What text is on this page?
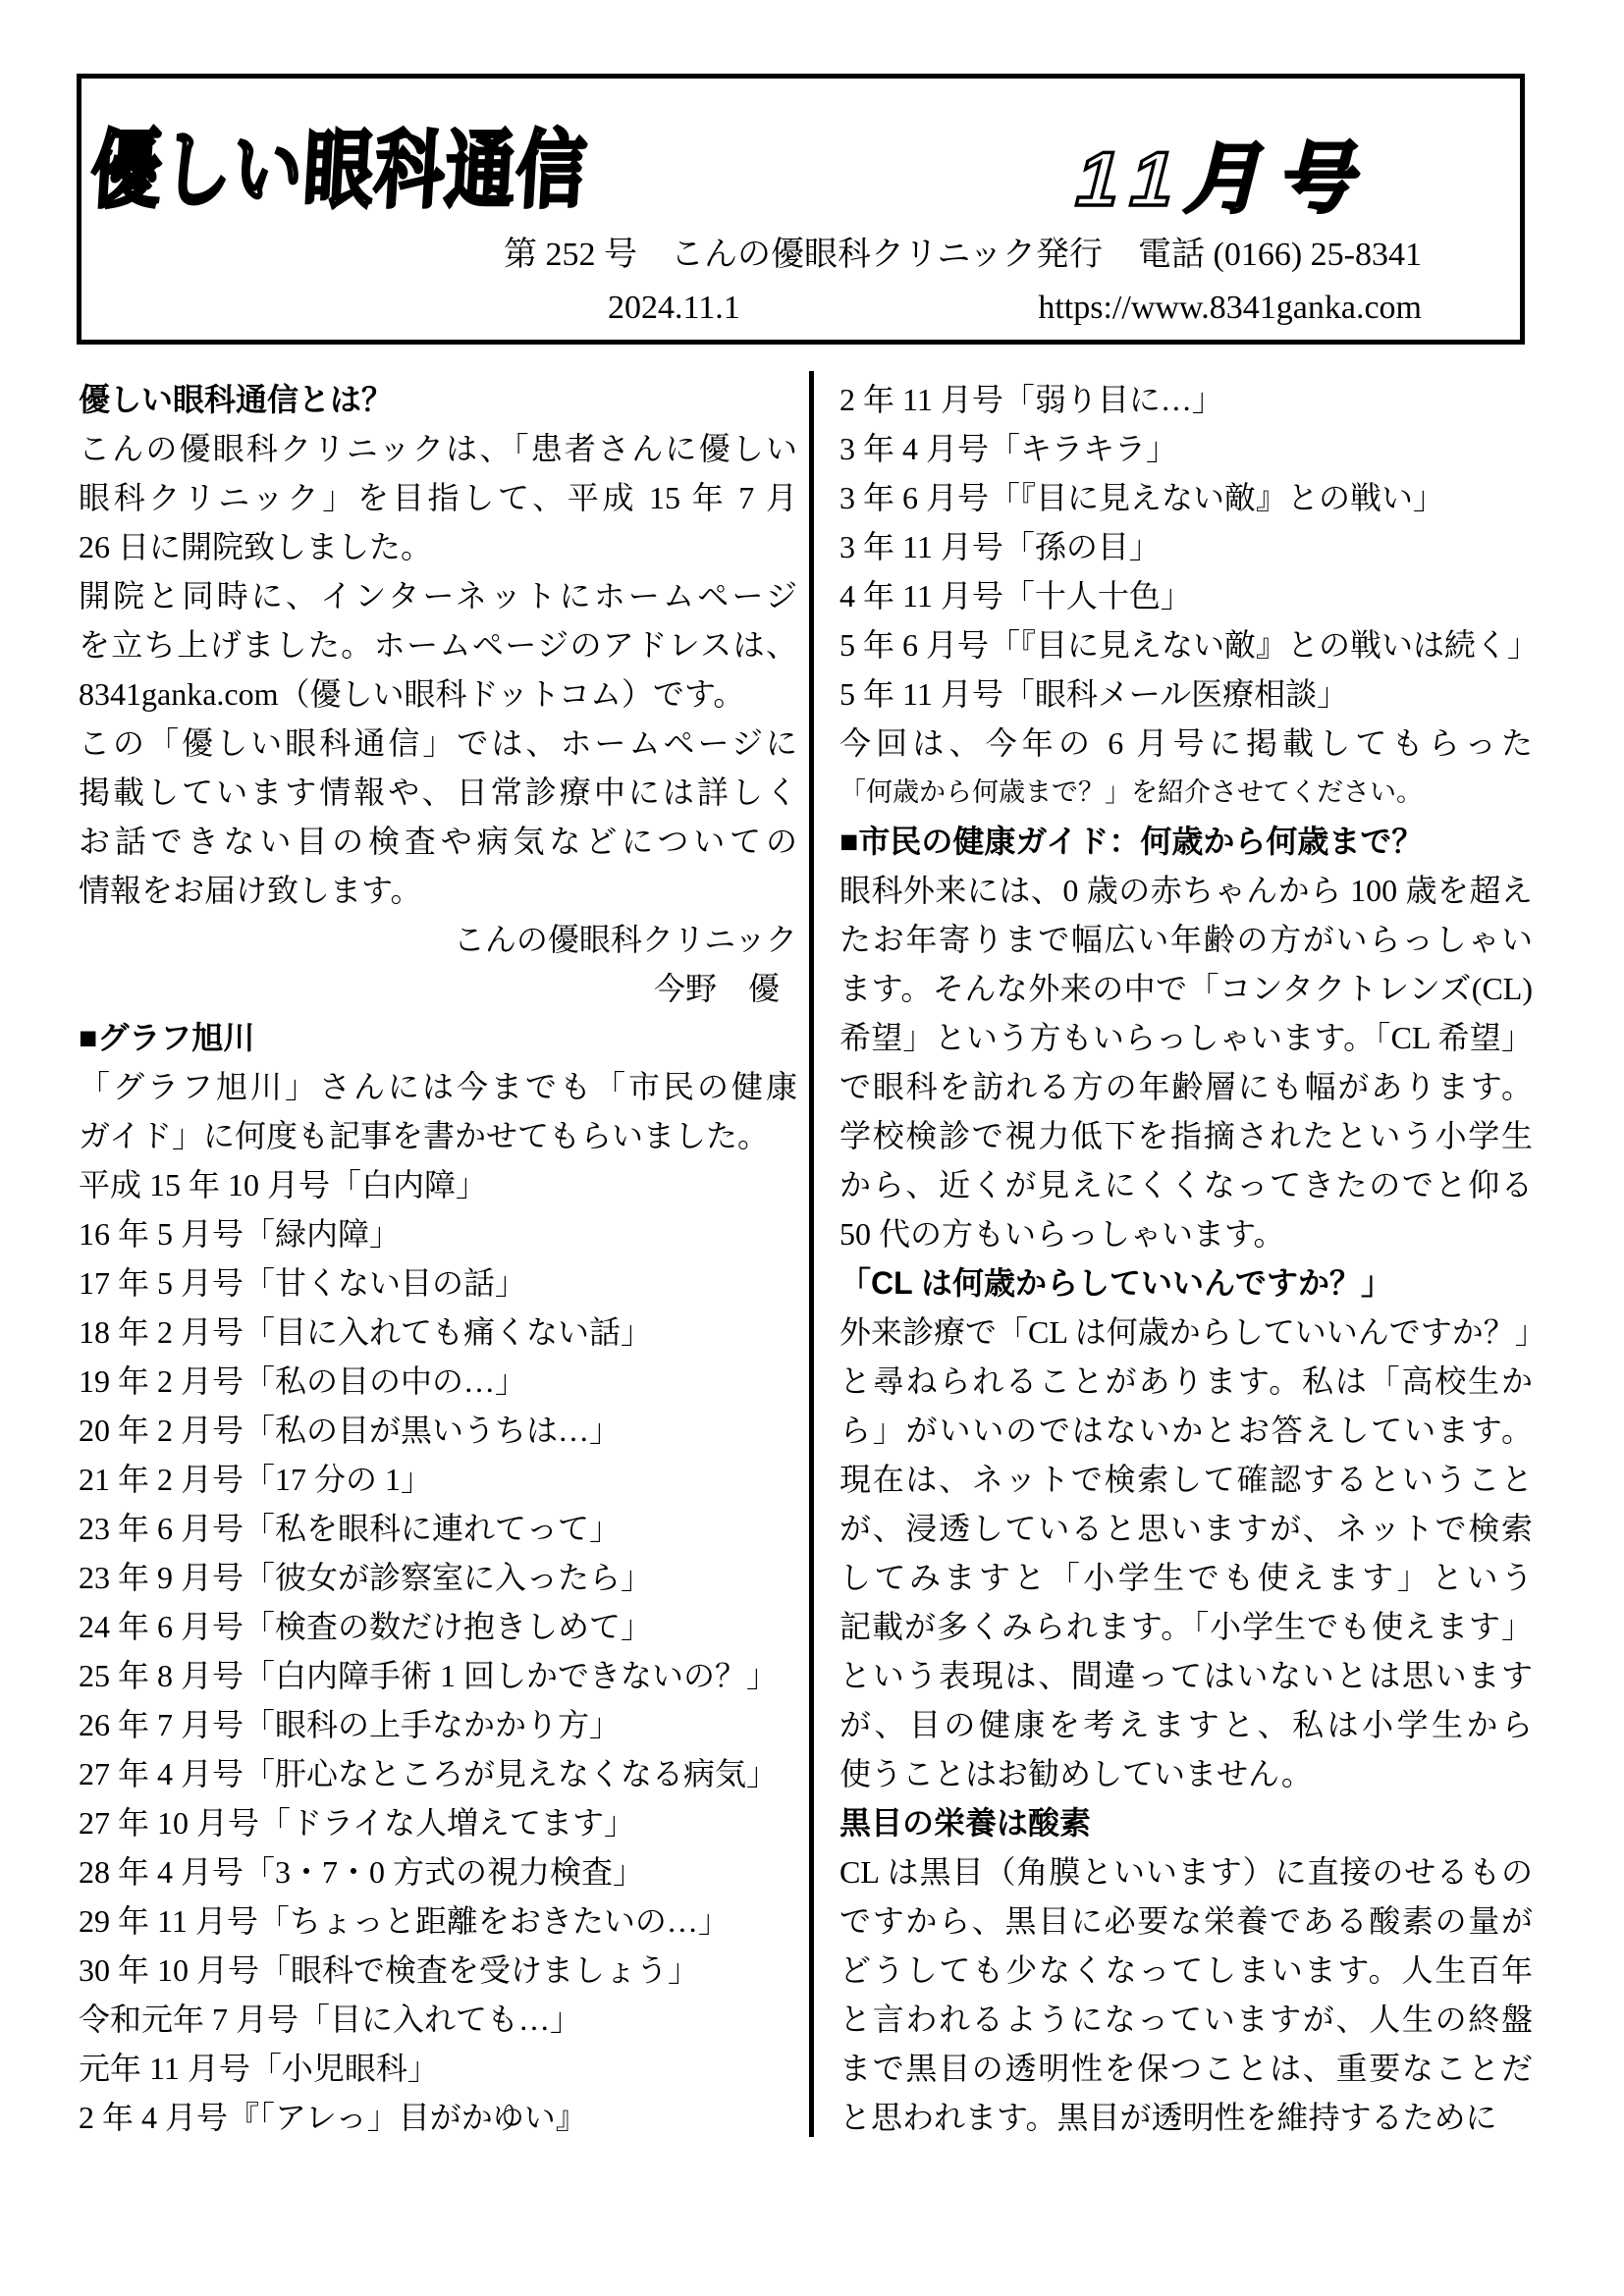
優しい眼科通信	11月号
第 252 号　こんの優眼科クリニック発行 電話 (0166) 25-8341
2024.11.1	https://www.8341ganka.com
優しい眼科通信とは？
こんの優眼科クリニックは、「患者さんに優しい
眼科クリニック」を目指して、平成 15 年 7 月
26 日に開院致しました。
開院と同時に、インターネットにホームページ
を立ち上げました。ホームページのアドレスは、
8341ganka.com（優しい眼科ドットコム）です。
この「優しい眼科通信」では、ホームページに
掲載しています情報や、日常診療中には詳しく
お話できない目の検査や病気などについての
情報をお届け致します。
こんの優眼科クリニック
今野　優
■グラフ旭川
「グラフ旭川」さんには今までも「市民の健康
ガイド」に何度も記事を書かせてもらいました。
平成 15 年 10 月号「白内障」
16 年 5 月号「緑内障」
17 年 5 月号「甘くない目の話」
18 年 2 月号「目に入れても痛くない話」
19 年 2 月号「私の目の中の…」
20 年 2 月号「私の目が黒いうちは…」
21 年 2 月号「17 分の 1」
23 年 6 月号「私を眼科に連れてって」
23 年 9 月号「彼女が診察室に入ったら」
24 年 6 月号「検査の数だけ抱きしめて」
25 年 8 月号「白内障手術 1 回しかできないの？」
26 年 7 月号「眼科の上手なかかり方」
27 年 4 月号「肝心なところが見えなくなる病気」
27 年 10 月号「ドライな人増えてます」
28 年 4 月号「3・7・0 方式の視力検査」
29 年 11 月号「ちょっと距離をおきたいの…」
30 年 10 月号「眼科で検査を受けましょう」
令和元年 7 月号「目に入れても…」
元年 11 月号「小児眼科」
2 年 4 月号『「アレっ」目がかゆい』
2 年 11 月号「弱り目に…」
3 年 4 月号「キラキラ」
3 年 6 月号「『目に見えない敵』との戦い」
3 年 11 月号「孫の目」
4 年 11 月号「十人十色」
5 年 6 月号「『目に見えない敵』との戦いは続く」
5 年 11 月号「眼科メール医療相談」
今回は、今年の 6 月号に掲載してもらった
「何歳から何歳まで？」を紹介させてください。
■市民の健康ガイド：何歳から何歳まで？
眼科外来には、0 歳の赤ちゃんから 100 歳を超え
たお年寄りまで幅広い年齢の方がいらっしゃい
ます。そんな外来の中で「コンタクトレンズ(CL)
希望」という方もいらっしゃいます。「CL 希望」
で眼科を訪れる方の年齢層にも幅があります。
学校検診で視力低下を指摘されたという小学生
から、近くが見えにくくなってきたのでと仰る
50 代の方もいらっしゃいます。
「CL は何歳からしていいんですか？」
外来診療で「CL は何歳からしていいんですか？」
と尋ねられることがあります。私は「高校生か
ら」がいいのではないかとお答えしています。
現在は、ネットで検索して確認するということ
が、浸透していると思いますが、ネットで検索
してみますと「小学生でも使えます」という
記載が多くみられます。「小学生でも使えます」
という表現は、間違ってはいないとは思います
が、目の健康を考えますと、私は小学生から
使うことはお勧めしていません。
黒目の栄養は酸素
CL は黒目（角膜といいます）に直接のせるもの
ですから、黒目に必要な栄養である酸素の量が
どうしても少なくなってしまいます。人生百年
と言われるようになっていますが、人生の終盤
まで黒目の透明性を保つことは、重要なことだ
と思われます。黒目が透明性を維持するために
